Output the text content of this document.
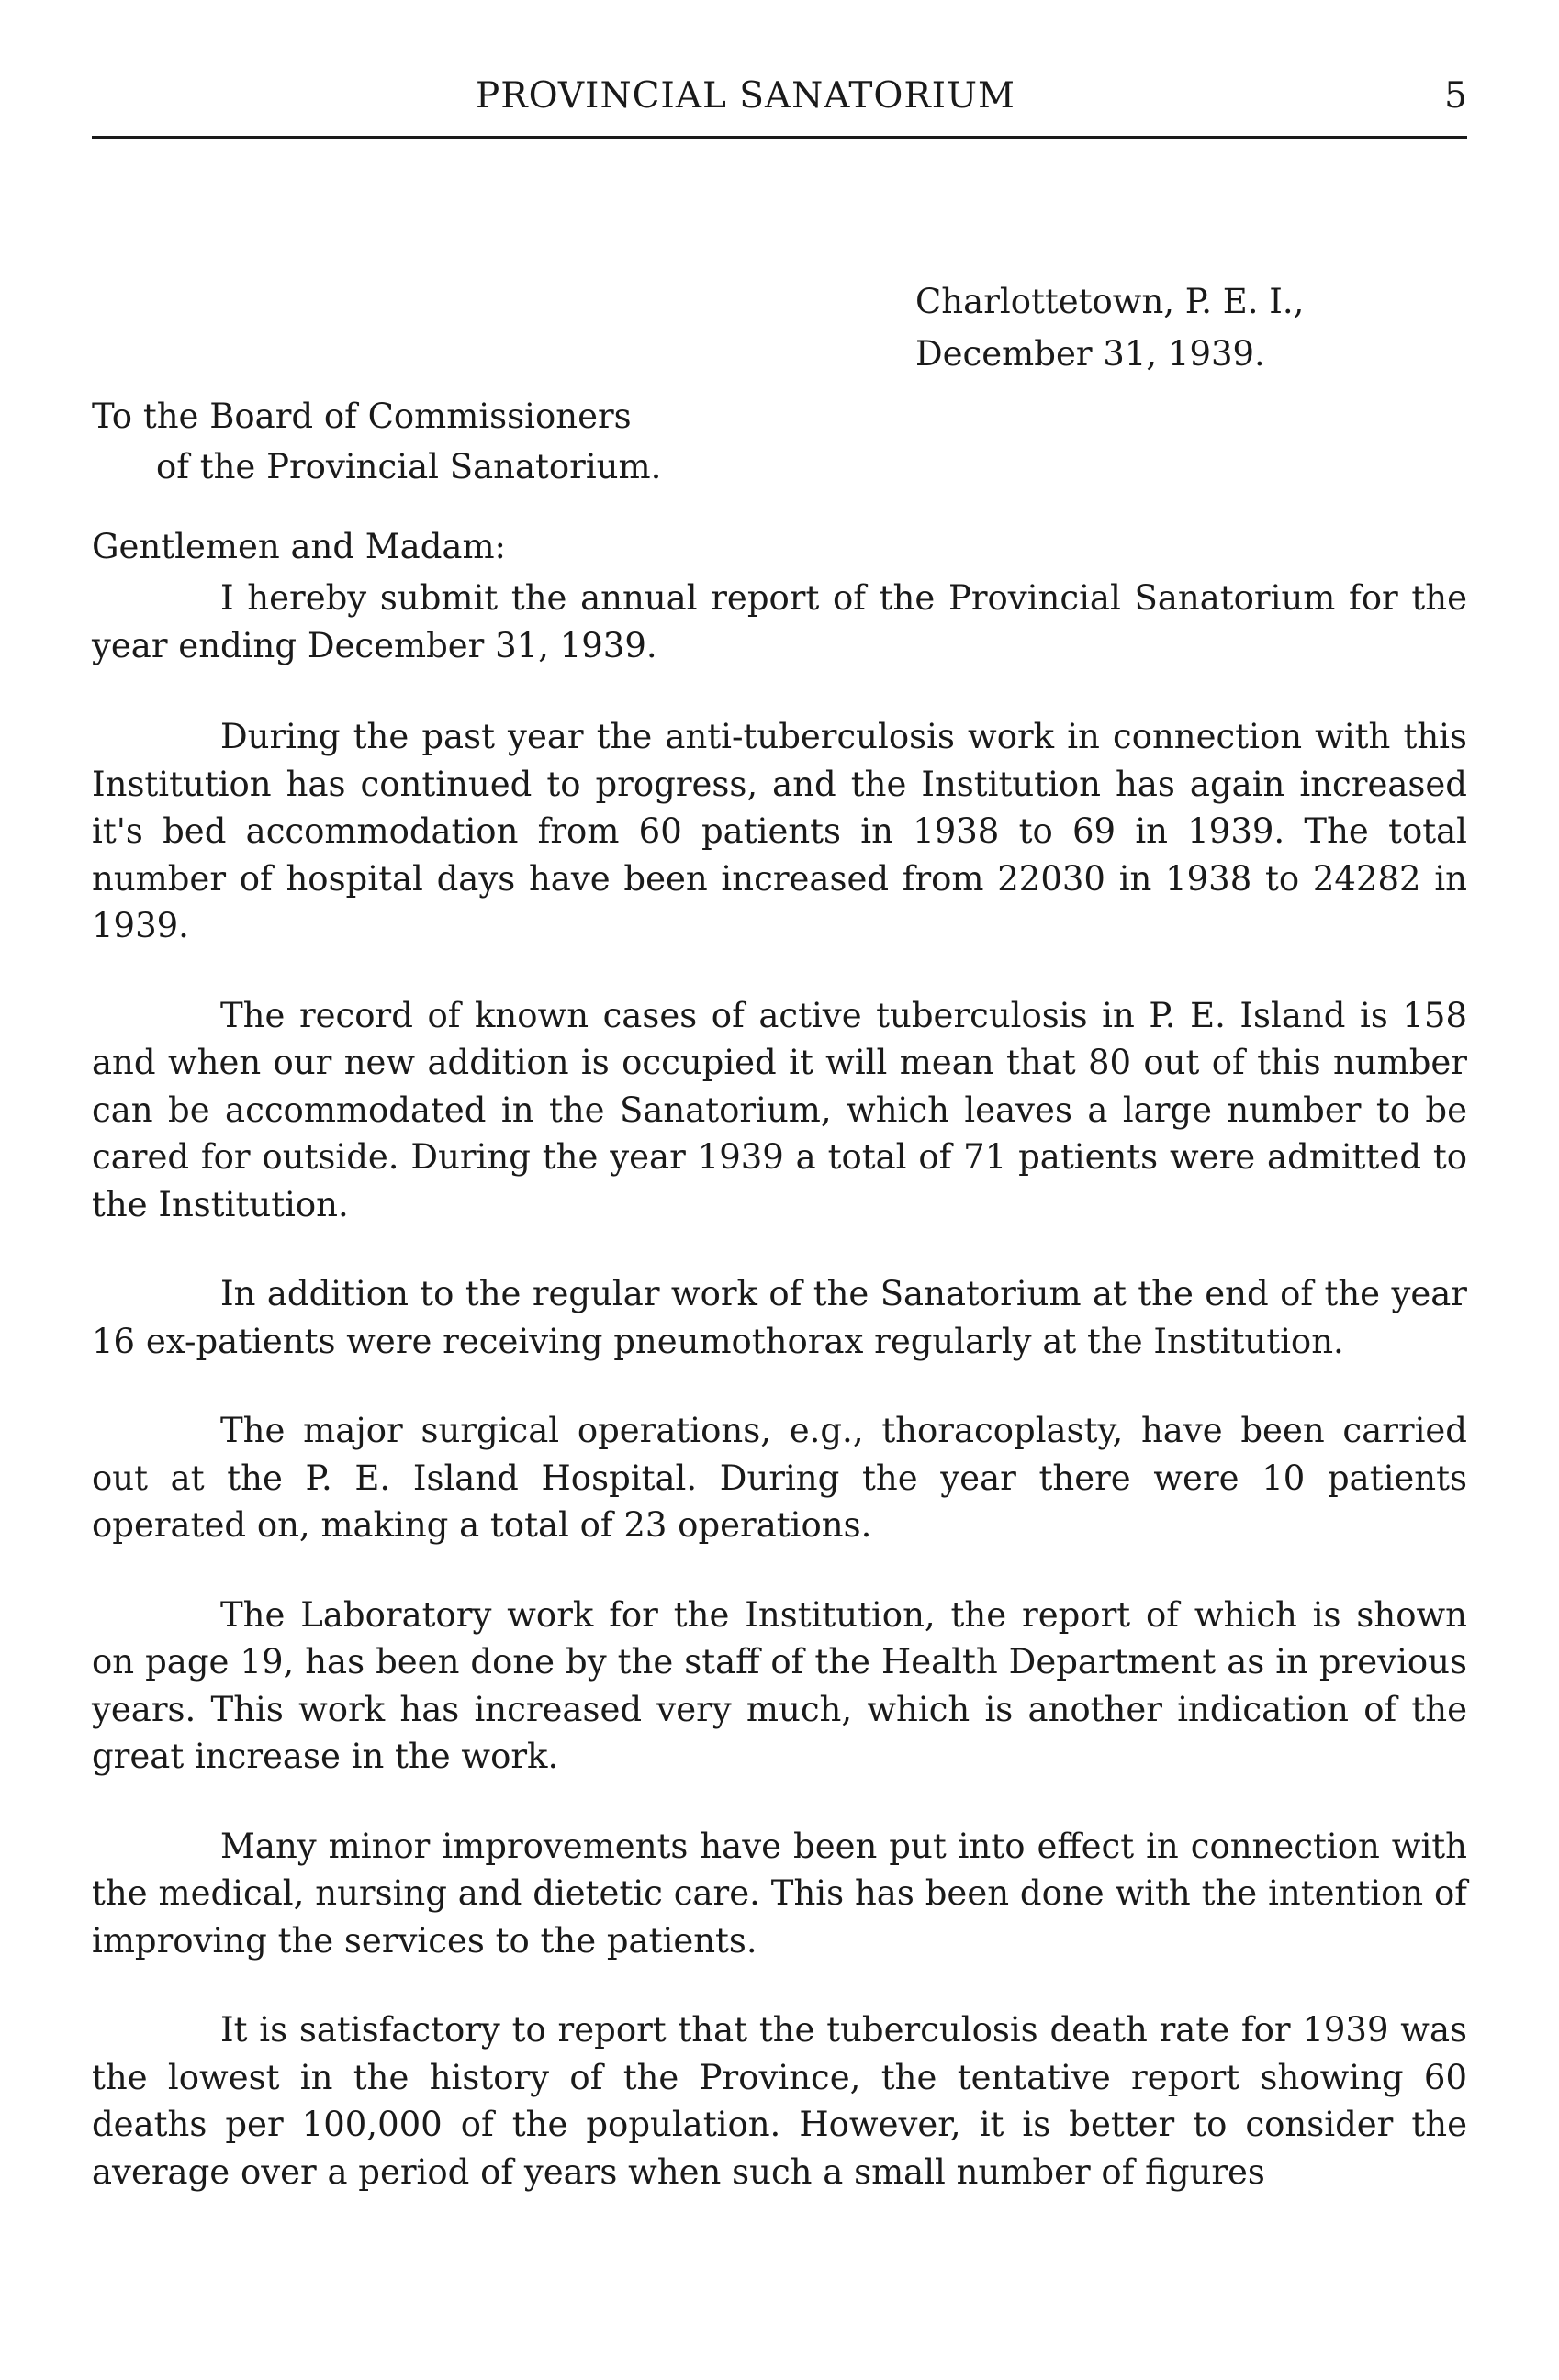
PROVINCIAL SANATORIUM	5
Charlottetown, P. E. I.,
December 31, 1939.
To the Board of Commissioners
of the Provincial Sanatorium.
Gentlemen and Madam:

I hereby submit the annual report of the Provincial Sanatorium for the year ending December 31, 1939.

During the past year the anti-tuberculosis work in connection with this Institution has continued to progress, and the Institution has again increased it's bed accommodation from 60 patients in 1938 to 69 in 1939. The total number of hospital days have been increased from 22030 in 1938 to 24282 in 1939.

The record of known cases of active tuberculosis in P. E. Island is 158 and when our new addition is occupied it will mean that 80 out of this number can be accommodated in the Sanatorium, which leaves a large number to be cared for outside. During the year 1939 a total of 71 patients were admitted to the Institution.

In addition to the regular work of the Sanatorium at the end of the year 16 ex-patients were receiving pneumothorax regularly at the Institution.

The major surgical operations, e.g., thoracoplasty, have been carried out at the P. E. Island Hospital. During the year there were 10 patients operated on, making a total of 23 operations.

The Laboratory work for the Institution, the report of which is shown on page 19, has been done by the staff of the Health Department as in previous years. This work has increased very much, which is another indication of the great increase in the work.

Many minor improvements have been put into effect in connection with the medical, nursing and dietetic care. This has been done with the intention of improving the services to the patients.

It is satisfactory to report that the tuberculosis death rate for 1939 was the lowest in the history of the Province, the tentative report showing 60 deaths per 100,000 of the population. However, it is better to consider the average over a period of years when such a small number of figures
